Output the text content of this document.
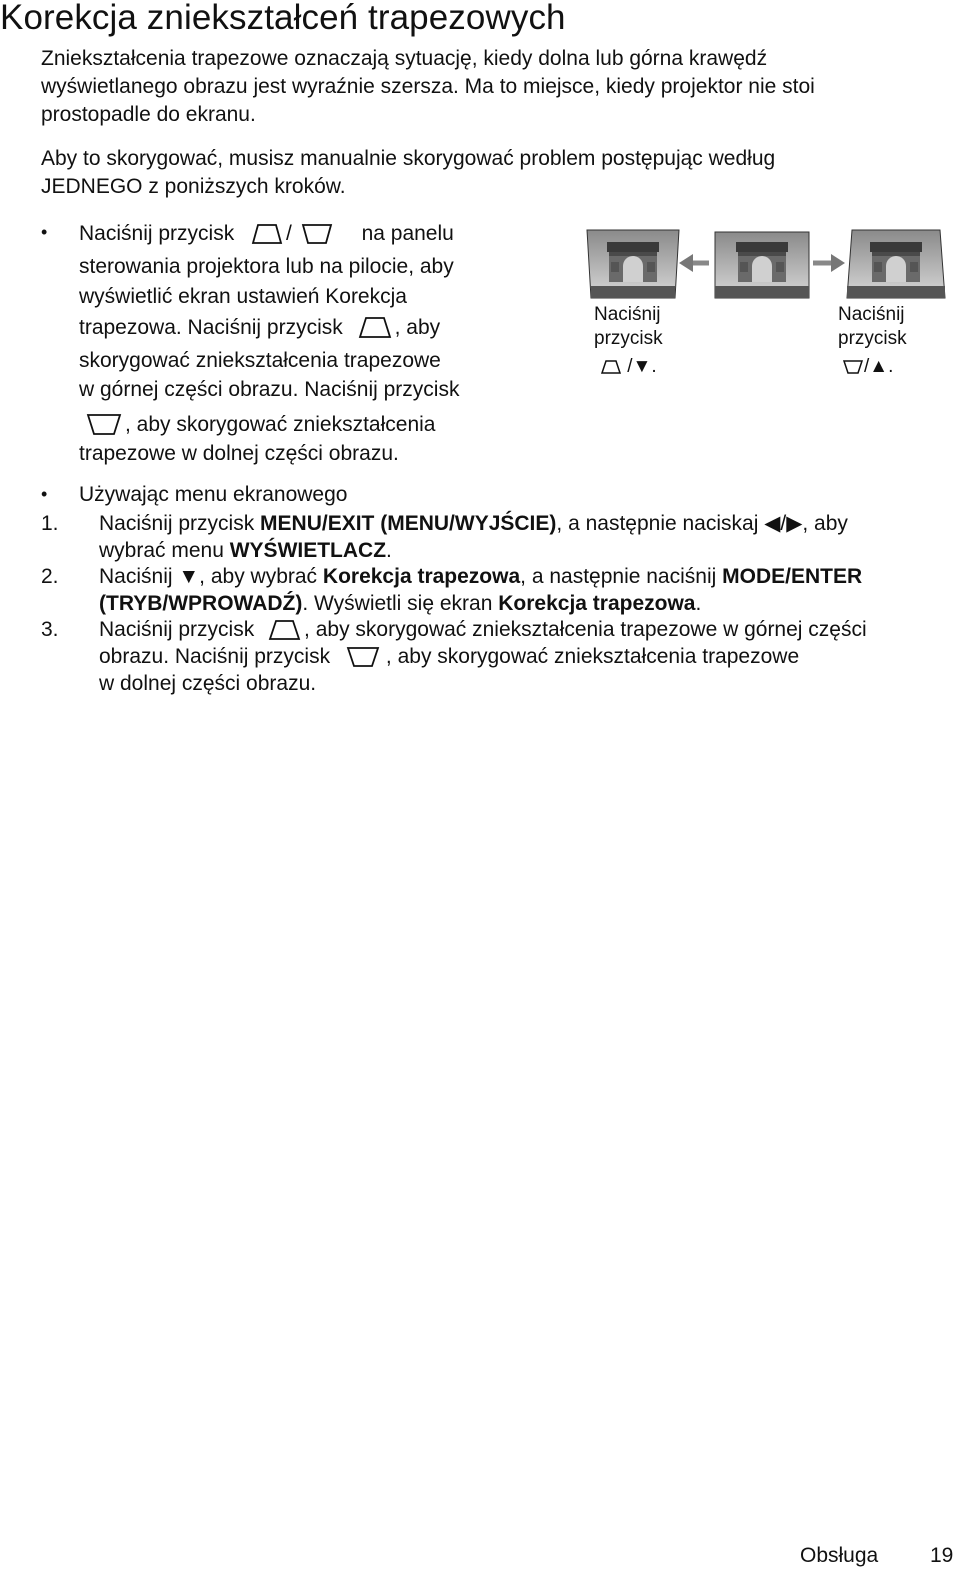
Korekcja zniekształceń trapezowych
Zniekształcenia trapezowe oznaczają sytuację, kiedy dolna lub górna krawędź
wyświetlanego obrazu jest wyraźnie szersza. Ma to miejsce, kiedy projektor nie stoi
prostopadle do ekranu.
Aby to skorygować, musisz manualnie skorygować problem postępując według
JEDNEGO z poniższych kroków.
• Naciśnij przycisk /	na panelu
sterowania projektora lub na pilocie, aby
wyświetlić ekran ustawień Korekcja
trapezowa. Naciśnij przycisk , aby
skorygować zniekształcenia trapezowe
w górnej części obrazu. Naciśnij przycisk
, aby skorygować zniekształcenia
trapezowe w dolnej części obrazu.
Naciśnij
przycisk
/▼.
Naciśnij
przycisk
/▲.
• Używając menu ekranowego
1. Naciśnij przycisk MENU/EXIT (MENU/WYJŚCIE), a następnie naciskaj ◀/▶, aby
wybrać menu WYŚWIETLACZ.
2. Naciśnij ▼, aby wybrać Korekcja trapezowa, a następnie naciśnij MODE/ENTER
(TRYB/WPROWADŹ). Wyświetli się ekran Korekcja trapezowa.
3. Naciśnij przycisk , aby skorygować zniekształcenia trapezowe w górnej części
obrazu. Naciśnij przycisk	, aby skorygować zniekształcenia trapezowe
w dolnej części obrazu.
Obsługa 19
